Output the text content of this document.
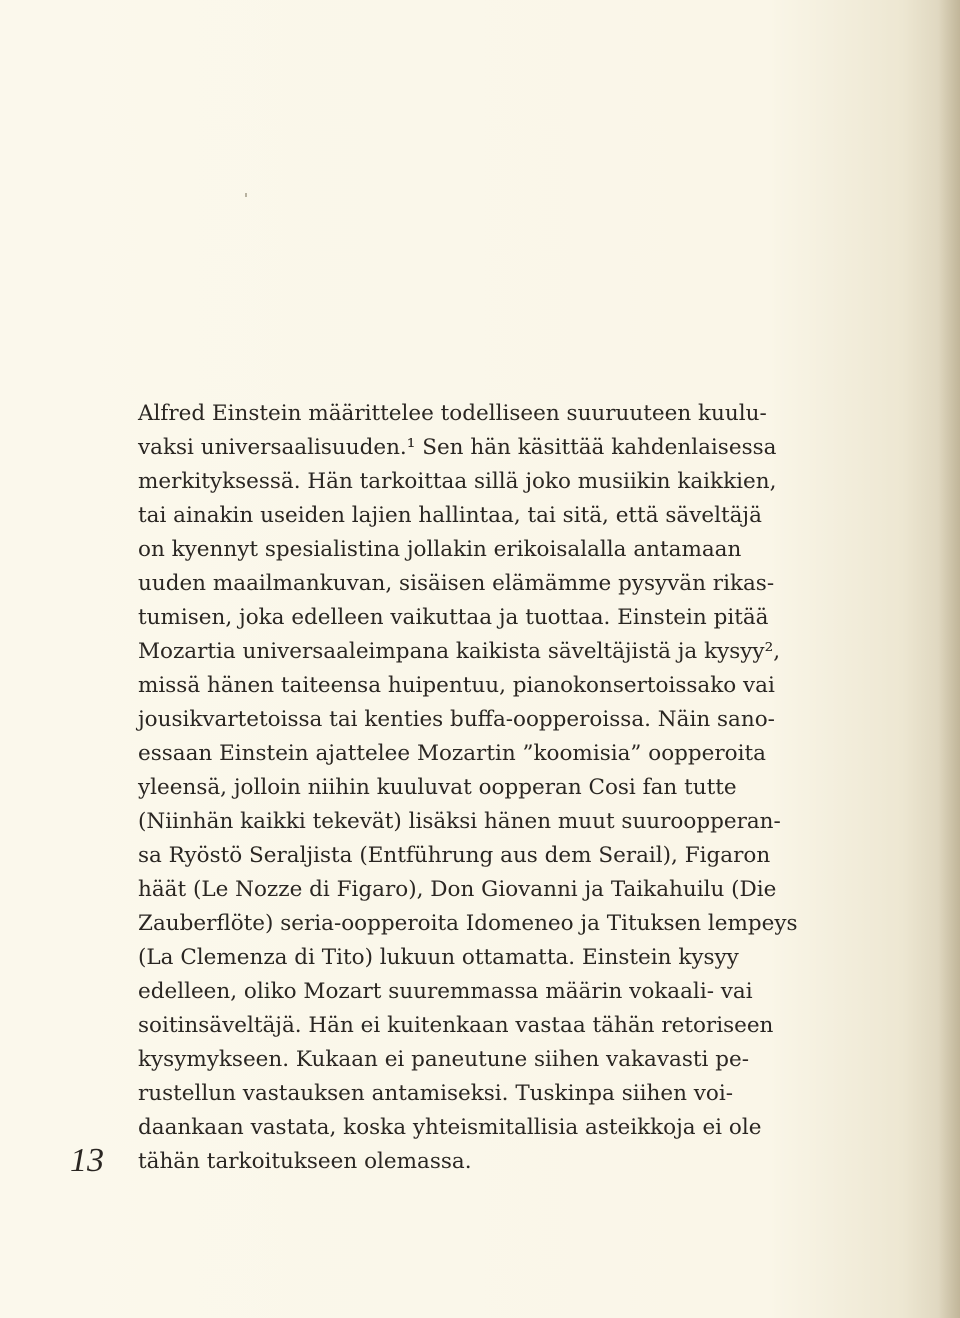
Alfred Einstein määrittelee todelliseen suuruuteen kuulu-
vaksi universaalisuuden.¹ Sen hän käsittää kahdenlaisessa
merkityksessä. Hän tarkoittaa sillä joko musiikin kaikkien,
tai ainakin useiden lajien hallintaa, tai sitä, että säveltäjä
on kyennyt spesialistina jollakin erikoisalalla antamaan
uuden maailmankuvan, sisäisen elämämme pysyvän rikas-
tumisen, joka edelleen vaikuttaa ja tuottaa. Einstein pitää
Mozartia universaaleimpana kaikista säveltäjistä ja kysyy²,
missä hänen taiteensa huipentuu, pianokonsertoissako vai
jousikvartetoissa tai kenties buffa-oopperoissa. Näin sano-
essaan Einstein ajattelee Mozartin ”koomisia” oopperoita
yleensä, jolloin niihin kuuluvat oopperan Cosi fan tutte
(Niinhän kaikki tekevät) lisäksi hänen muut suuroopperan-
sa Ryöstö Seraljista (Entführung aus dem Serail), Figaron
häät (Le Nozze di Figaro), Don Giovanni ja Taikahuilu (Die
Zauberflöte) seria-oopperoita Idomeneo ja Tituksen lempeys
(La Clemenza di Tito) lukuun ottamatta. Einstein kysyy
edelleen, oliko Mozart suuremmassa määrin vokaali- vai
soitinsäveltäjä. Hän ei kuitenkaan vastaa tähän retoriseen
kysymykseen. Kukaan ei paneutune siihen vakavasti pe-
rustellun vastauksen antamiseksi. Tuskinpa siihen voi-
daankaan vastata, koska yhteismitallisia asteikkoja ei ole
tähän tarkoitukseen olemassa.
13
